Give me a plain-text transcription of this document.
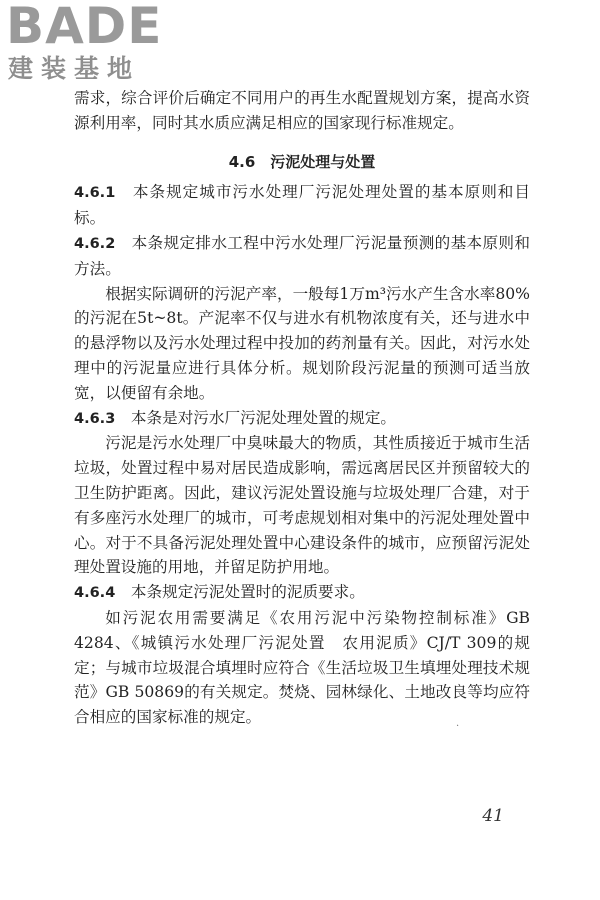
BADE
建装基地

需求，综合评价后确定不同用户的再生水配置规划方案，提高水资源利用率，同时其水质应满足相应的国家现行标准规定。

4.6　污泥处理与处置

4.6.1　 本条规定城市污水处理厂污泥处理处置的基本原则和目标。

4.6.2　 本条规定排水工程中污水处理厂污泥量预测的基本原则和方法。

根据实际调研的污泥产率，一般每1万m³污水产生含水率80%的污泥在5t~8t。产泥率不仅与进水有机物浓度有关，还与进水中的悬浮物以及污水处理过程中投加的药剂量有关。因此，对污水处理中的污泥量应进行具体分析。规划阶段污泥量的预测可适当放宽，以便留有余地。

4.6.3　 本条是对污水厂污泥处理处置的规定。

污泥是污水处理厂中臭味最大的物质，其性质接近于城市生活垃圾，处置过程中易对居民造成影响，需远离居民区并预留较大的卫生防护距离。因此，建议污泥处置设施与垃圾处理厂合建，对于有多座污水处理厂的城市，可考虑规划相对集中的污泥处理处置中心。对于不具备污泥处理处置中心建设条件的城市，应预留污泥处理处置设施的用地，并留足防护用地。

4.6.4　 本条规定污泥处置时的泥质要求。

如污泥农用需要满足《农用污泥中污染物控制标准》GB 4284、《城镇污水处理厂污泥处置　农用泥质》CJ/T 309的规定；与城市垃圾混合填埋时应符合《生活垃圾卫生填埋处理技术规范》GB 50869的有关规定。焚烧、园林绿化、土地改良等均应符合相应的国家标准的规定。	.
41
